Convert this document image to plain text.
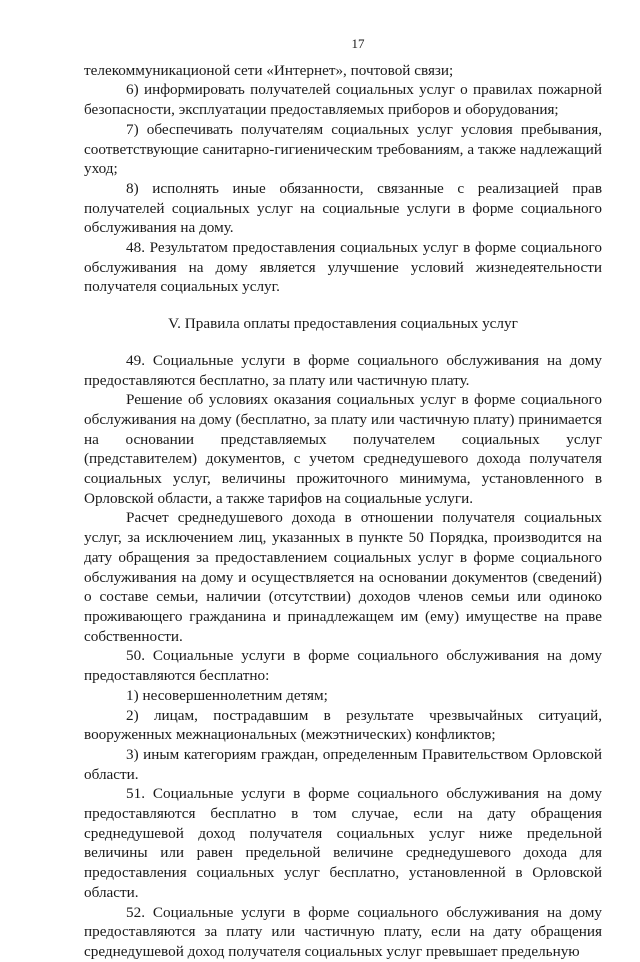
17

телекоммуникационой сети «Интернет», почтовой связи;

6) информировать получателей социальных услуг о правилах пожарной безопасности, эксплуатации предоставляемых приборов и оборудования;

7) обеспечивать получателям социальных услуг условия пребывания, соответствующие санитарно-гигиеническим требованиям, а также надлежащий уход;

8) исполнять иные обязанности, связанные с реализацией прав получателей социальных услуг на социальные услуги в форме социального обслуживания на дому.

48. Результатом предоставления социальных услуг в форме социального обслуживания на дому является улучшение условий жизнедеятельности получателя социальных услуг.

V. Правила оплаты предоставления социальных услуг

49. Социальные услуги в форме социального обслуживания на дому предоставляются бесплатно, за плату или частичную плату.

Решение об условиях оказания социальных услуг в форме социального обслуживания на дому (бесплатно, за плату или частичную плату) принимается на основании представляемых получателем социальных услуг (представителем) документов, с учетом среднедушевого дохода получателя социальных услуг, величины прожиточного минимума, установленного в Орловской области, а также тарифов на социальные услуги.

Расчет среднедушевого дохода в отношении получателя социальных услуг, за исключением лиц, указанных в пункте 50 Порядка, производится на дату обращения за предоставлением социальных услуг в форме социального обслуживания на дому и осуществляется на основании документов (сведений) о составе семьи, наличии (отсутствии) доходов членов семьи или одиноко проживающего гражданина и принадлежащем им (ему) имуществе на праве собственности.

50. Социальные услуги в форме социального обслуживания на дому предоставляются бесплатно:

1) несовершеннолетним детям;

2) лицам, пострадавшим в результате чрезвычайных ситуаций, вооруженных межнациональных (межэтнических) конфликтов;

3) иным категориям граждан, определенным Правительством Орловской области.

51. Социальные услуги в форме социального обслуживания на дому предоставляются бесплатно в том случае, если на дату обращения среднедушевой доход получателя социальных услуг ниже предельной величины или равен предельной величине среднедушевого дохода для предоставления социальных услуг бесплатно, установленной в Орловской области.

52. Социальные услуги в форме социального обслуживания на дому предоставляются за плату или частичную плату, если на дату обращения среднедушевой доход получателя социальных услуг превышает предельную
